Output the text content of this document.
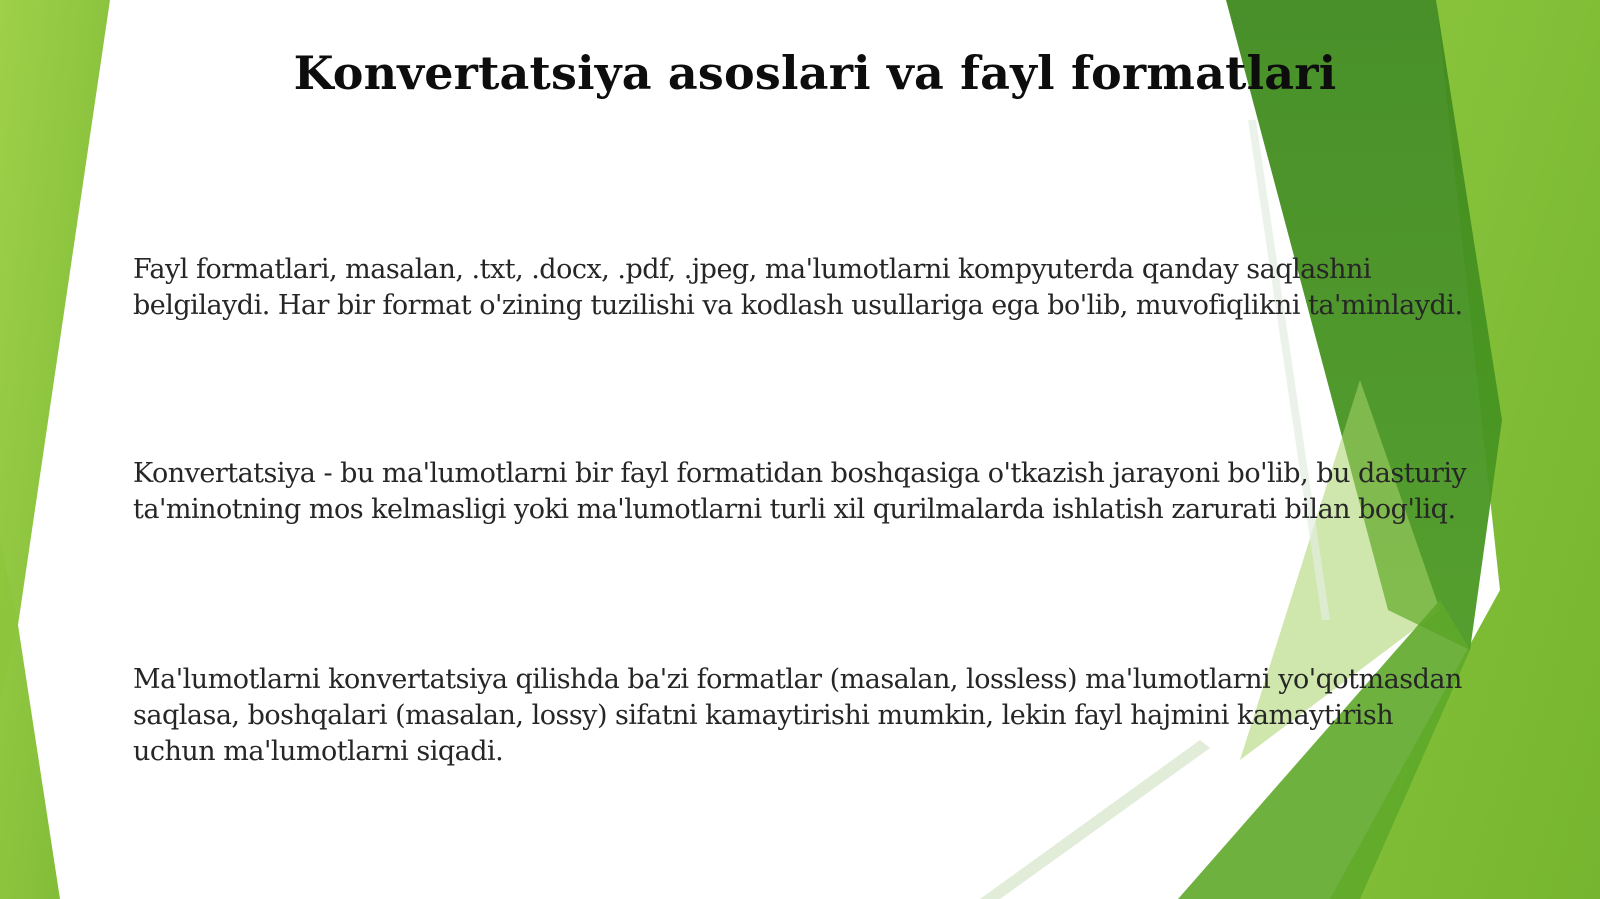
Konvertatsiya asoslari va fayl formatlari

Fayl formatlari, masalan, .txt, .docx, .pdf, .jpeg, ma'lumotlarni kompyuterda qanday saqlashni belgilaydi. Har bir format o'zining tuzilishi va kodlash usullariga ega bo'lib, muvofiqlikni ta'minlaydi.

Konvertatsiya - bu ma'lumotlarni bir fayl formatidan boshqasiga o'tkazish jarayoni bo'lib, bu dasturiy ta'minotning mos kelmasligi yoki ma'lumotlarni turli xil qurilmalarda ishlatish zarurati bilan bog'liq.

Ma'lumotlarni konvertatsiya qilishda ba'zi formatlar (masalan, lossless) ma'lumotlarni yo'qotmasdan saqlasa, boshqalari (masalan, lossy) sifatni kamaytirishi mumkin, lekin fayl hajmini kamaytirish uchun ma'lumotlarni siqadi.
